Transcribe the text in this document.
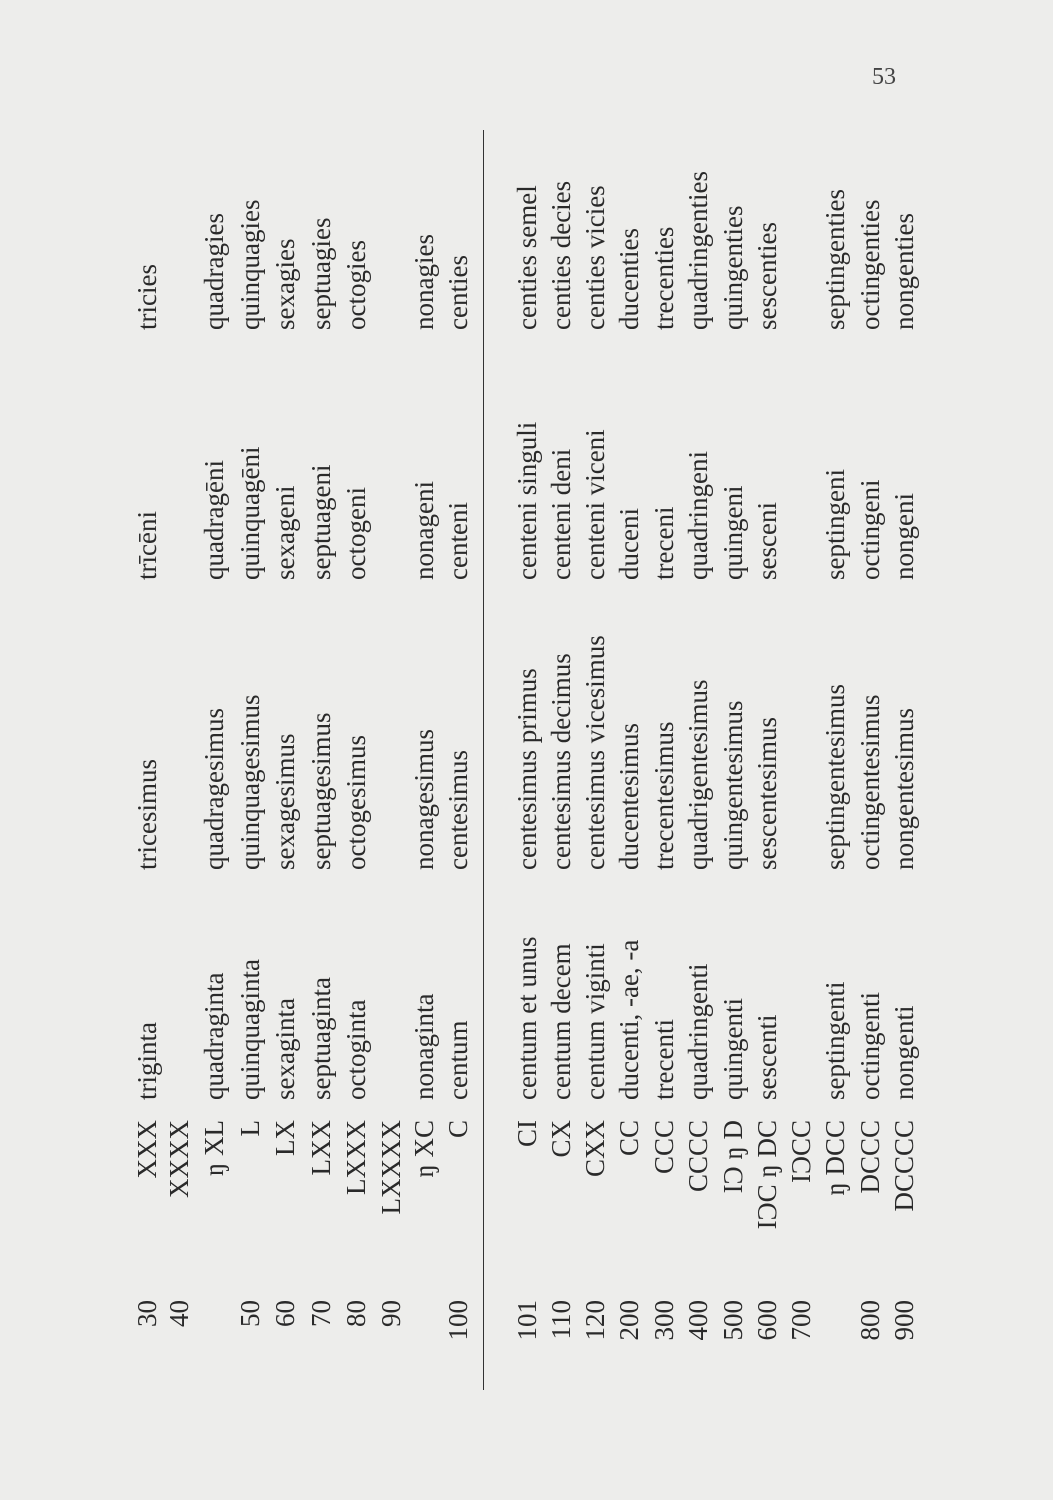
53
30
XXX
triginta
tricesimus
trīcēni
tricies
40
XXXX ŋ XL
quadraginta
quadragesimus
quadragēni
quadragies
50
L
quinquaginta
quinquagesimus
quinquagēni
quinquagies
60
LX
sexaginta
sexagesimus
sexageni
sexagies
70
LXX
septuaginta
septuagesimus
septuageni
septuagies
80
LXXX
octoginta
octogesimus
octogeni
octogies
90
LXXXX ŋ XC
nonaginta
nonagesimus
nonageni
nonagies
100
C
centum
centesimus
centeni
centies
101
CI
centum et unus
centesimus primus
centeni singuli
centies semel
110
CX
centum decem
centesimus decimus
centeni deni
centies decies
120
CXX
centum viginti
centesimus vicesimus
centeni viceni
centies vicies
200
CC
ducenti, -ae, -a
ducentesimus
duceni
ducenties
300
CCC
trecenti
trecentesimus
treceni
trecenties
400
CCCC
quadringenti
quadrigentesimus
quadringeni
quadringenties
500
IϽ ŋ D
quingenti
quingentesimus
quingeni
quingenties
600
IϽC ŋ DC
sescenti
sescentesimus
sesceni
sescenties
700
IϽCC ŋ DCC
septingenti
septingentesimus
septingeni
septingenties
800
DCCC
octingenti
octingentesimus
octingeni
octingenties
900
DCCCC
nongenti
nongentesimus
nongeni
nongenties
